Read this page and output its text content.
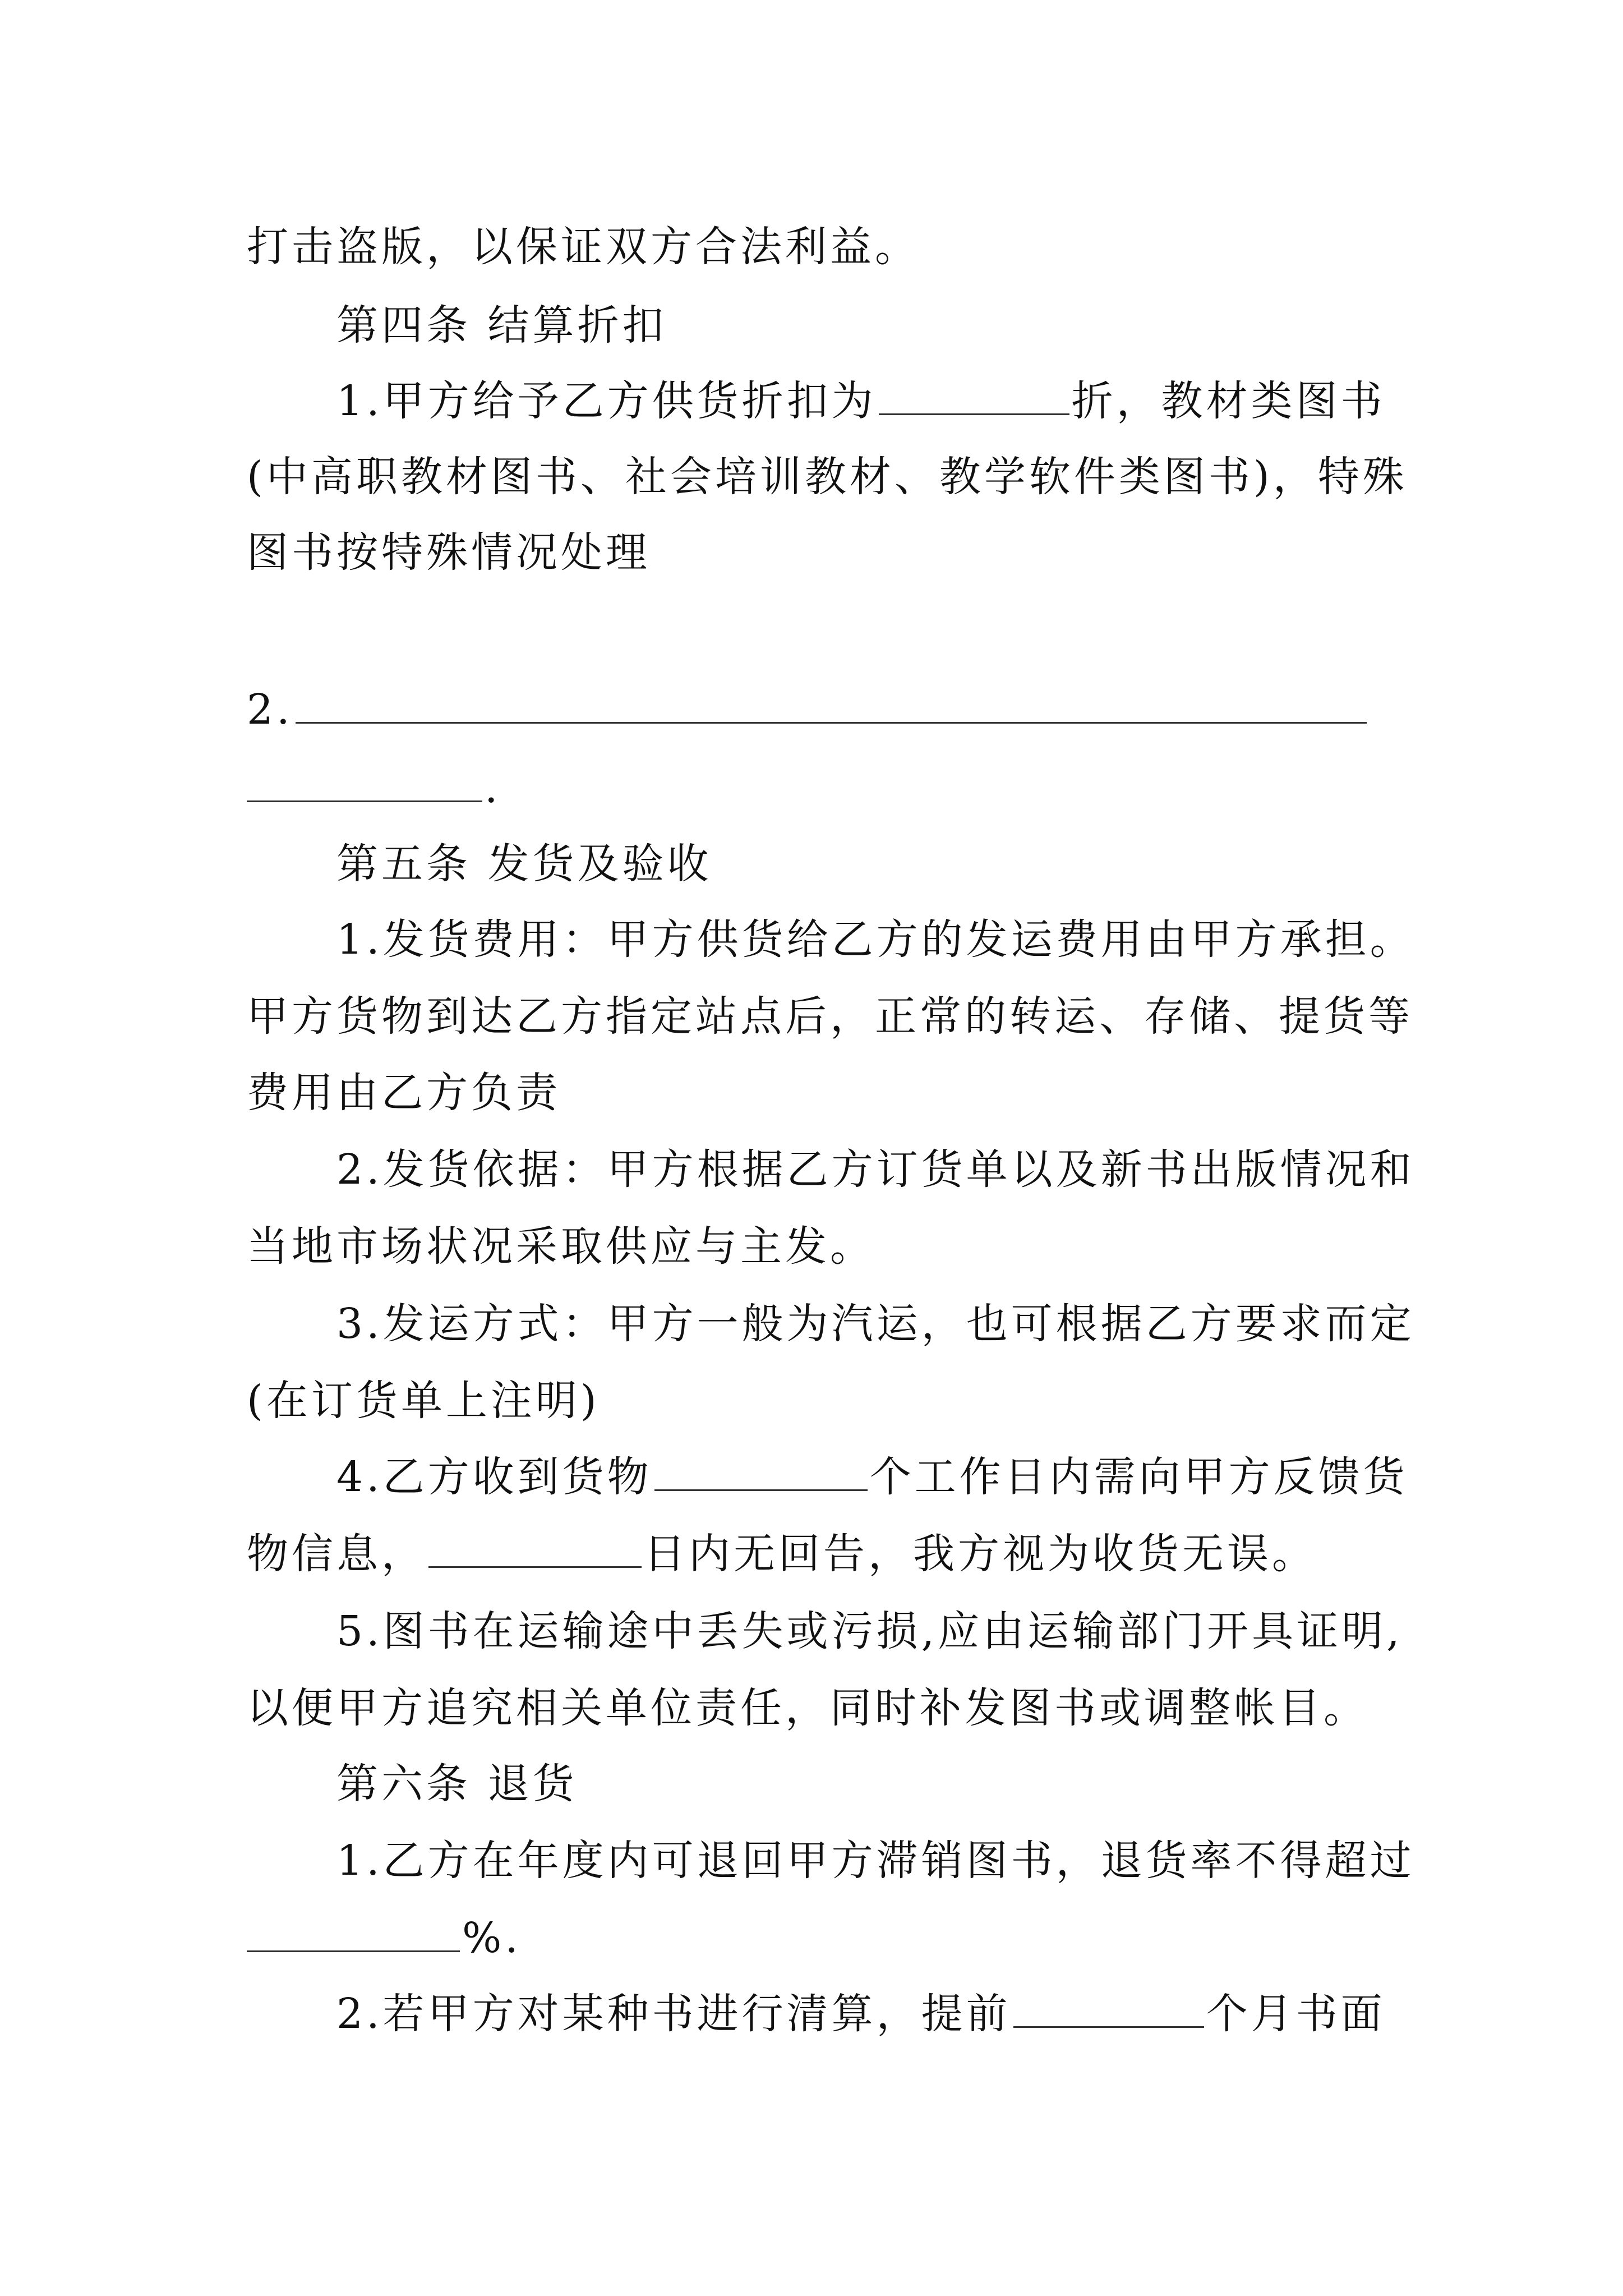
打击盗版，以保证双方合法利益。
第四条 结算折扣
1.甲方给予乙方供货折扣为	折，教材类图书
(中高职教材图书、社会培训教材、教学软件类图书)，特殊
图书按特殊情况处理
2.
.
第五条 发货及验收
1.发货费用：甲方供货给乙方的发运费用由甲方承担。
甲方货物到达乙方指定站点后，正常的转运、存储、提货等
费用由乙方负责
2.发货依据：甲方根据乙方订货单以及新书出版情况和
当地市场状况采取供应与主发。
3.发运方式：甲方一般为汽运，也可根据乙方要求而定
(在订货单上注明)
4.乙方收到货物	个工作日内需向甲方反馈货
物信息，	日内无回告，我方视为收货无误。
5.图书在运输途中丢失或污损,应由运输部门开具证明,
以便甲方追究相关单位责任，同时补发图书或调整帐目。
第六条 退货
1.乙方在年度内可退回甲方滞销图书，退货率不得超过
%.
2.若甲方对某种书进行清算，提前	个月书面
